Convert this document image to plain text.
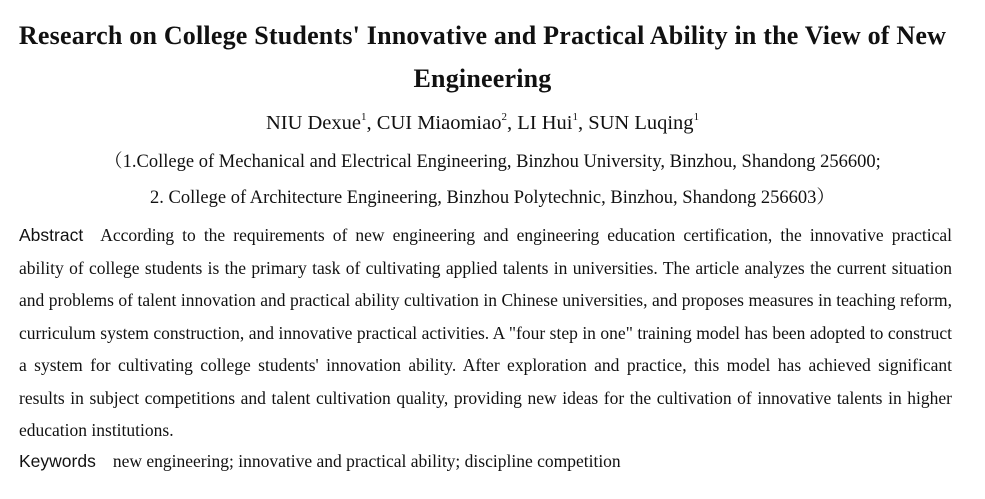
Research on College Students' Innovative and Practical Ability in the View of New Engineering
NIU Dexue$^1$, CUI Miaomiao$^2$, LI Hui$^1$, SUN Luqing$^1$
（1.College of Mechanical and Electrical Engineering, Binzhou University, Binzhou, Shandong 256600;
2. College of Architecture Engineering, Binzhou Polytechnic, Binzhou, Shandong 256603）
Abstract According to the requirements of new engineering and engineering education certification, the innovative practical ability of college students is the primary task of cultivating applied talents in universities. The article analyzes the current situation and problems of talent innovation and practical ability cultivation in Chinese universities, and proposes measures in teaching reform, curriculum system construction, and innovative practical activities. A "four step in one" training model has been adopted to construct a system for cultivating college students' innovation ability. After exploration and practice, this model has achieved significant results in subject competitions and talent cultivation quality, providing new ideas for the cultivation of innovative talents in higher education institutions.
Keywords new engineering; innovative and practical ability; discipline competition
